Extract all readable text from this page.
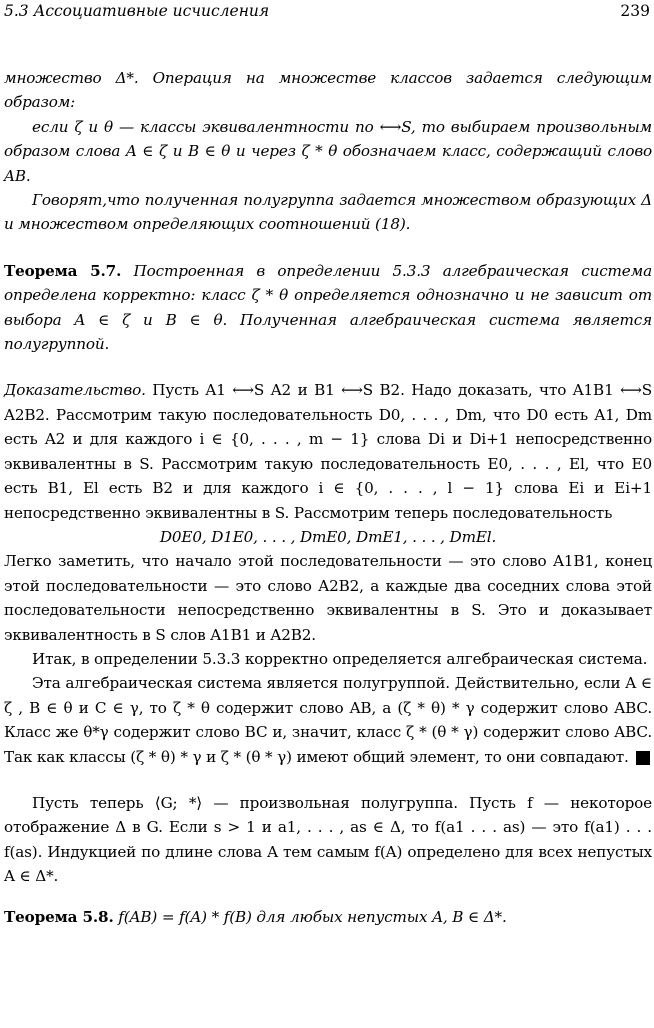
5.3 Ассоциативные исчисления	239

множество Δ*. Операция на множестве классов задается следующим образом:

если ζ и θ — классы эквивалентности по ⟷S, то выбираем произвольным образом слова A ∈ ζ и B ∈ θ и через ζ * θ обозначаем класс, содержащий слово AB.

Говорят,что полученная полугруппа задается множеством образующих Δ и множеством определяющих соотношений (18).

Теорема 5.7. Построенная в определении 5.3.3 алгебраическая система определена корректно: класс ζ * θ определяется однозначно и не зависит от выбора A ∈ ζ и B ∈ θ. Полученная алгебраическая система является полугруппой.

Доказательство. Пусть A1 ⟷S A2 и B1 ⟷S B2. Надо доказать, что A1B1 ⟷S A2B2. Рассмотрим такую последовательность D0, . . . , Dm, что D0 есть A1, Dm есть A2 и для каждого i ∈ {0, . . . , m − 1} слова Di и Di+1 непосредственно эквивалентны в S. Рассмотрим такую последовательность E0, . . . , El, что E0 есть B1, El есть B2 и для каждого i ∈ {0, . . . , l − 1} слова Ei и Ei+1 непосредственно эквивалентны в S. Рассмотрим теперь последовательность

D0E0, D1E0, . . . , DmE0, DmE1, . . . , DmEl.

Легко заметить, что начало этой последовательности — это слово A1B1, конец этой последовательности — это слово A2B2, а каждые два соседних слова этой последовательности непосредственно эквивалентны в S. Это и доказывает эквивалентность в S слов A1B1 и A2B2.

Итак, в определении 5.3.3 корректно определяется алгебраическая система.

Эта алгебраическая система является полугруппой. Действительно, если A ∈ ζ , B ∈ θ и C ∈ γ, то ζ * θ содержит слово AB, а (ζ * θ) * γ содержит слово ABC. Класс же θ*γ содержит слово BC и, значит, класс ζ * (θ * γ) содержит слово ABC. Так как классы (ζ * θ) * γ и ζ * (θ * γ) имеют общий элемент, то они совпадают.

Пусть теперь ⟨G; *⟩ — произвольная полугруппа. Пусть f — некоторое отображение Δ в G. Если s > 1 и a1, . . . , as ∈ Δ, то f(a1 . . . as) — это f(a1) . . . f(as). Индукцией по длине слова A тем самым f(A) определено для всех непустых A ∈ Δ*.

Теорема 5.8. f(AB) = f(A) * f(B) для любых непустых A, B ∈ Δ*.
